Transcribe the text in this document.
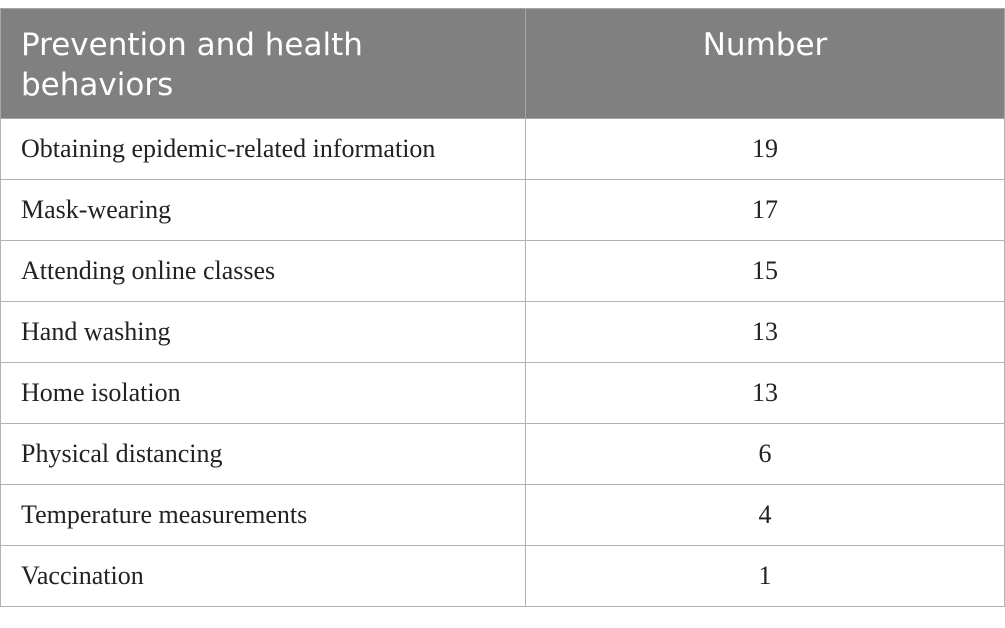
Prevention and health behaviors	Number

Obtaining epidemic-related information	19
Mask-wearing	17
Attending online classes	15
Hand washing	13
Home isolation	13
Physical distancing	6
Temperature measurements	4
Vaccination	1
